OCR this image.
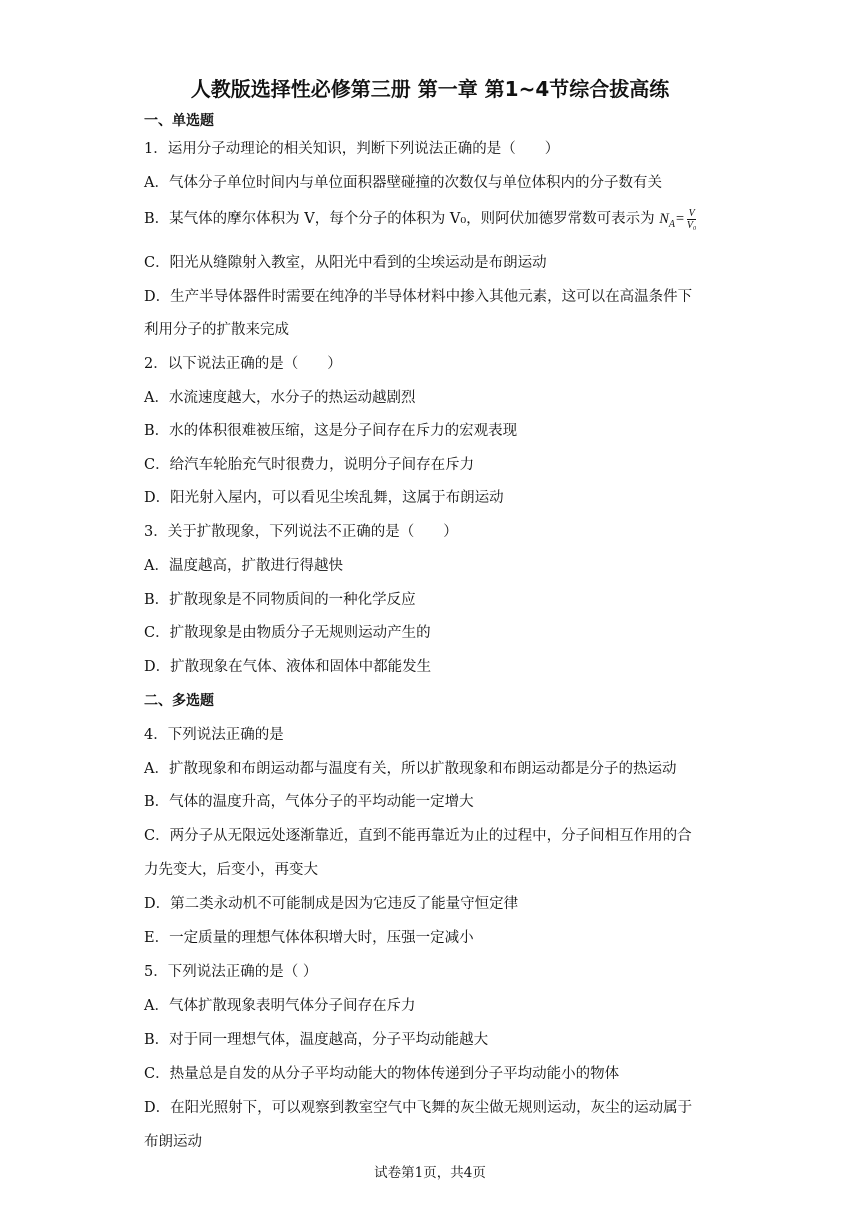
人教版选择性必修第三册 第一章 第1~4节综合拔高练
一、单选题
1．运用分子动理论的相关知识，判断下列说法正确的是（　　）
A．气体分子单位时间内与单位面积器壁碰撞的次数仅与单位体积内的分子数有关
B．某气体的摩尔体积为 V，每个分子的体积为 V₀，则阿伏加德罗常数可表示为 $N_A= \frac{V}{\text{V₀}}$
C．阳光从缝隙射入教室，从阳光中看到的尘埃运动是布朗运动
D．生产半导体器件时需要在纯净的半导体材料中掺入其他元素，这可以在高温条件下
利用分子的扩散来完成
2．以下说法正确的是（　　）
A．水流速度越大，水分子的热运动越剧烈
B．水的体积很难被压缩，这是分子间存在斥力的宏观表现
C．给汽车轮胎充气时很费力，说明分子间存在斥力
D．阳光射入屋内，可以看见尘埃乱舞，这属于布朗运动
3．关于扩散现象，下列说法不正确的是（　　）
A．温度越高，扩散进行得越快
B．扩散现象是不同物质间的一种化学反应
C．扩散现象是由物质分子无规则运动产生的
D．扩散现象在气体、液体和固体中都能发生
二、多选题
4．下列说法正确的是
A．扩散现象和布朗运动都与温度有关，所以扩散现象和布朗运动都是分子的热运动
B．气体的温度升高，气体分子的平均动能一定增大
C．两分子从无限远处逐渐靠近，直到不能再靠近为止的过程中，分子间相互作用的合
力先变大，后变小，再变大
D．第二类永动机不可能制成是因为它违反了能量守恒定律
E．一定质量的理想气体体积增大时，压强一定减小
5．下列说法正确的是（ ）
A．气体扩散现象表明气体分子间存在斥力
B．对于同一理想气体，温度越高，分子平均动能越大
C．热量总是自发的从分子平均动能大的物体传递到分子平均动能小的物体
D．在阳光照射下，可以观察到教室空气中飞舞的灰尘做无规则运动，灰尘的运动属于
布朗运动
试卷第1页，共4页
